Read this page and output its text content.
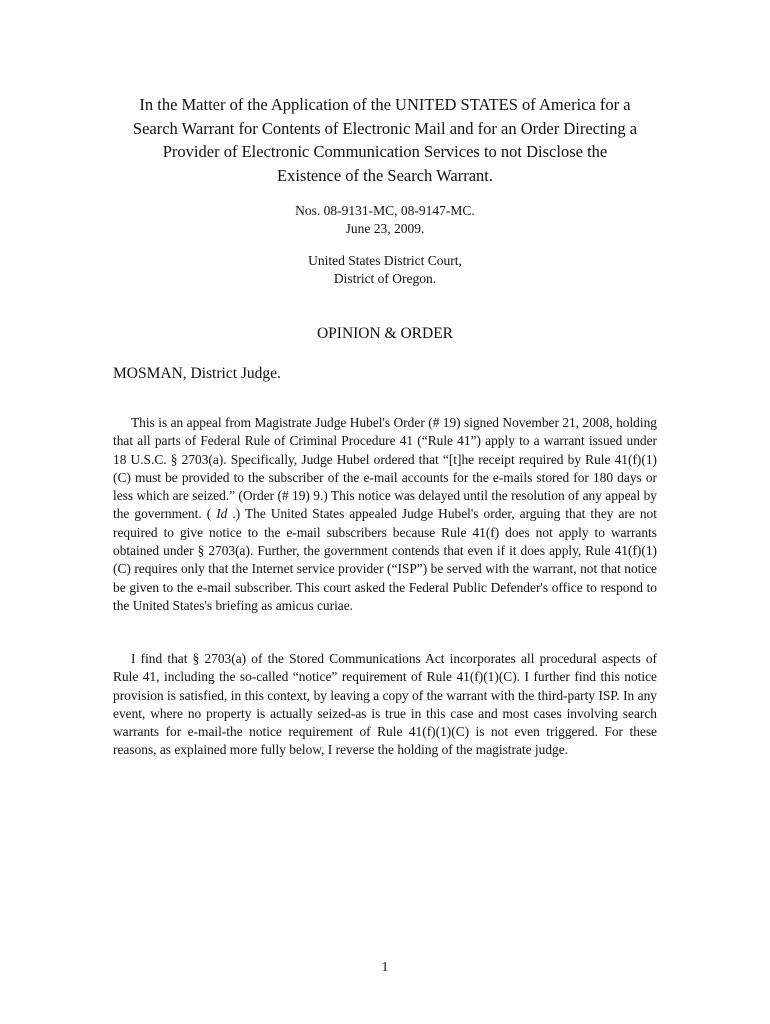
In the Matter of the Application of the UNITED STATES of America for a
Search Warrant for Contents of Electronic Mail and for an Order Directing a
Provider of Electronic Communication Services to not Disclose the
Existence of the Search Warrant.
Nos. 08-9131-MC, 08-9147-MC.
June 23, 2009.
United States District Court,
District of Oregon.
OPINION & ORDER
MOSMAN, District Judge.

This is an appeal from Magistrate Judge Hubel's Order (# 19) signed November 21, 2008, holding that all parts of Federal Rule of Criminal Procedure 41 (“Rule 41”) apply to a warrant issued under 18 U.S.C. § 2703(a). Specifically, Judge Hubel ordered that “[t]he receipt required by Rule 41(f)(1)(C) must be provided to the subscriber of the e-mail accounts for the e-mails stored for 180 days or less which are seized.” (Order (# 19) 9.) This notice was delayed until the resolution of any appeal by the government. ( Id .) The United States appealed Judge Hubel's order, arguing that they are not required to give notice to the e-mail subscribers because Rule 41(f) does not apply to warrants obtained under § 2703(a). Further, the government contends that even if it does apply, Rule 41(f)(1)(C) requires only that the Internet service provider (“ISP”) be served with the warrant, not that notice be given to the e-mail subscriber. This court asked the Federal Public Defender's office to respond to the United States's briefing as amicus curiae.

I find that § 2703(a) of the Stored Communications Act incorporates all procedural aspects of Rule 41, including the so-called “notice” requirement of Rule 41(f)(1)(C). I further find this notice provision is satisfied, in this context, by leaving a copy of the warrant with the third-party ISP. In any event, where no property is actually seized-as is true in this case and most cases involving search warrants for e-mail-the notice requirement of Rule 41(f)(1)(C) is not even triggered. For these reasons, as explained more fully below, I reverse the holding of the magistrate judge.

1
